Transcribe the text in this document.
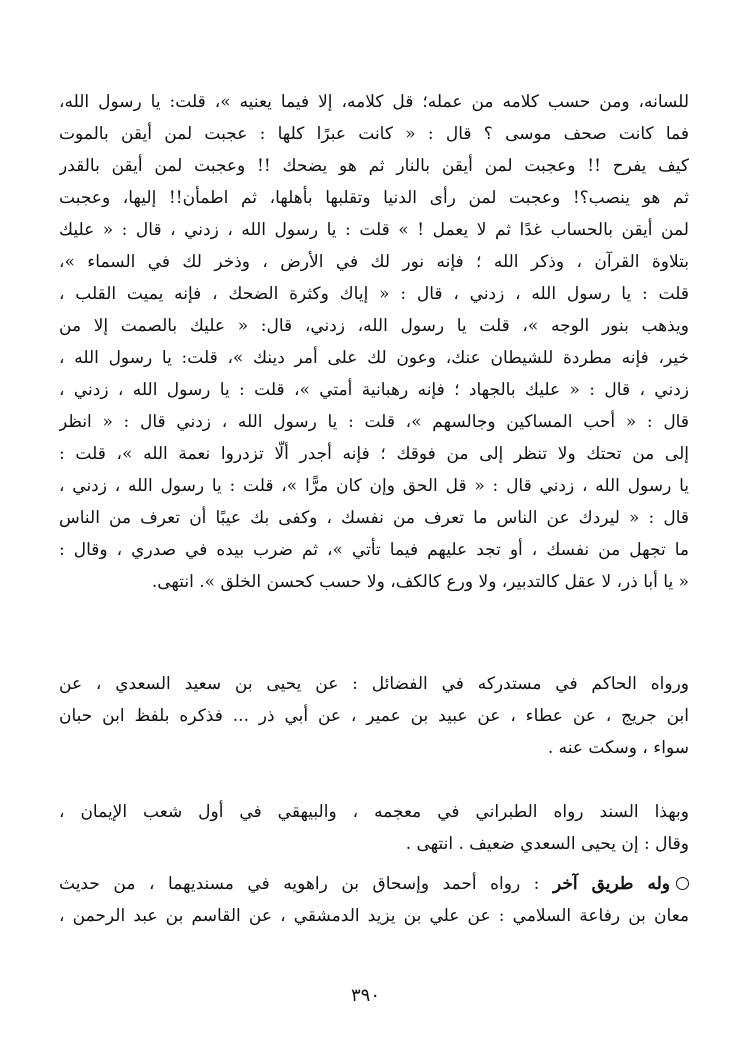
للسانه، ومن حسب كلامه من عمله؛ قل كلامه، إلا فيما يعنيه »، قلت: يا رسول الله،
فما كانت صحف موسى ؟ قال : « كانت عبرًا كلها : عجبت لمن أيقن بالموت
كيف يفرح !! وعجبت لمن أيقن بالنار ثم هو يضحك !! وعجبت لمن أيقن بالقدر
ثم هو ينصب؟! وعجبت لمن رأى الدنيا وتقلبها بأهلها، ثم اطمأن!! إليها، وعجبت
لمن أيقن بالحساب غدًا ثم لا يعمل ! » قلت : يا رسول الله ، زدني ، قال : « عليك
بتلاوة القرآن ، وذكر الله ؛ فإنه نور لك في الأرض ، وذخر لك في السماء »،
قلت : يا رسول الله ، زدني ، قال : « إياك وكثرة الضحك ، فإنه يميت القلب ،
ويذهب بنور الوجه »، قلت يا رسول الله، زدني، قال: « عليك بالصمت إلا من
خير، فإنه مطردة للشيطان عنك، وعون لك على أمر دينك »، قلت: يا رسول الله ،
زدني ، قال : « عليك بالجهاد ؛ فإنه رهبانية أمتي »، قلت : يا رسول الله ، زدني ،
قال : « أحب المساكين وجالسهم »، قلت : يا رسول الله ، زدني قال : « انظر
إلى من تحتك ولا تنظر إلى من فوقك ؛ فإنه أجدر ألّا تزدروا نعمة الله »، قلت :
يا رسول الله ، زدني قال : « قل الحق وإن كان مرًّا »، قلت : يا رسول الله ، زدني ،
قال : « ليردك عن الناس ما تعرف من نفسك ، وكفى بك عيبًا أن تعرف من الناس
ما تجهل من نفسك ، أو تجد عليهم فيما تأتي »، ثم ضرب بيده في صدري ، وقال :
« يا أبا ذر، لا عقل كالتدبير، ولا ورع كالكف، ولا حسب كحسن الخلق ». انتهى.
ورواه الحاكم في مستدركه في الفضائل : عن يحيى بن سعيد السعدي ، عن
ابن جريج ، عن عطاء ، عن عبيد بن عمير ، عن أبي ذر ... فذكره بلفظ ابن حبان
سواء ، وسكت عنه .
وبهذا السند رواه الطبراني في معجمه ، والبيهقي في أول شعب الإيمان ،
وقال : إن يحيى السعدي ضعيف . انتهى .
وله طريق آخر : رواه أحمد وإسحاق بن راهويه في مسنديهما ، من حديث
معان بن رفاعة السلامي : عن علي بن يزيد الدمشقي ، عن القاسم بن عبد الرحمن ،
٣٩٠
